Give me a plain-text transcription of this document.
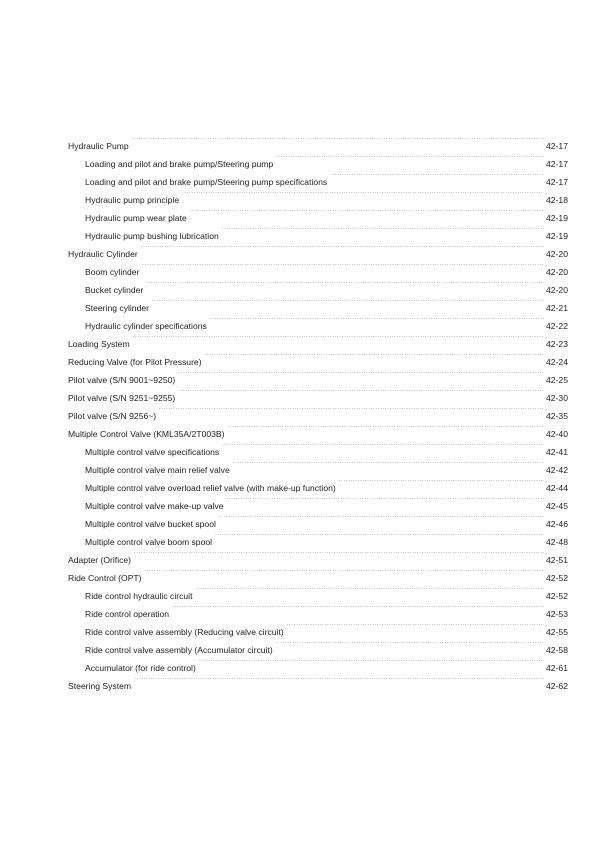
Hydraulic Pump . . .	42-17
Loading and pilot and brake pump/Steering pump . . .	42-17
Loading and pilot and brake pump/Steering pump specifications . . .	42-17
Hydraulic pump principle . . .	42-18
Hydraulic pump wear plate . . .	42-19
Hydraulic pump bushing lubrication . . .	42-19
Hydraulic Cylinder . . .	42-20
Boom cylinder . . .	42-20
Bucket cylinder . . .	42-20
Steering cylinder . . .	42-21
Hydraulic cylinder specifications . . .	42-22
Loading System . . .	42-23
Reducing Valve (for Pilot Pressure) . . .	42-24
Pilot valve (S/N 9001~9250) . . .	42-25
Pilot valve (S/N 9251~9255) . . .	42-30
Pilot valve (S/N 9256~) . . .	42-35
Multiple Control Valve (KML35A/2T003B) . . .	42-40
Multiple control valve specifications . . .	42-41
Multiple control valve main relief valve . . .	42-42
Multiple control valve overload relief valve (with make-up function) . . .	42-44
Multiple control valve make-up valve . . .	42-45
Multiple control valve bucket spool . . .	42-46
Multiple control valve boom spool . . .	42-48
Adapter (Orifice) . . .	42-51
Ride Control (OPT) . . .	42-52
Ride control hydraulic circuit . . .	42-52
Ride control operation . . .	42-53
Ride control valve assembly (Reducing valve circuit) . . .	42-55
Ride control valve assembly (Accumulator circuit) . . .	42-58
Accumulator (for ride control) . . .	42-61
Steering System . . .	42-62
